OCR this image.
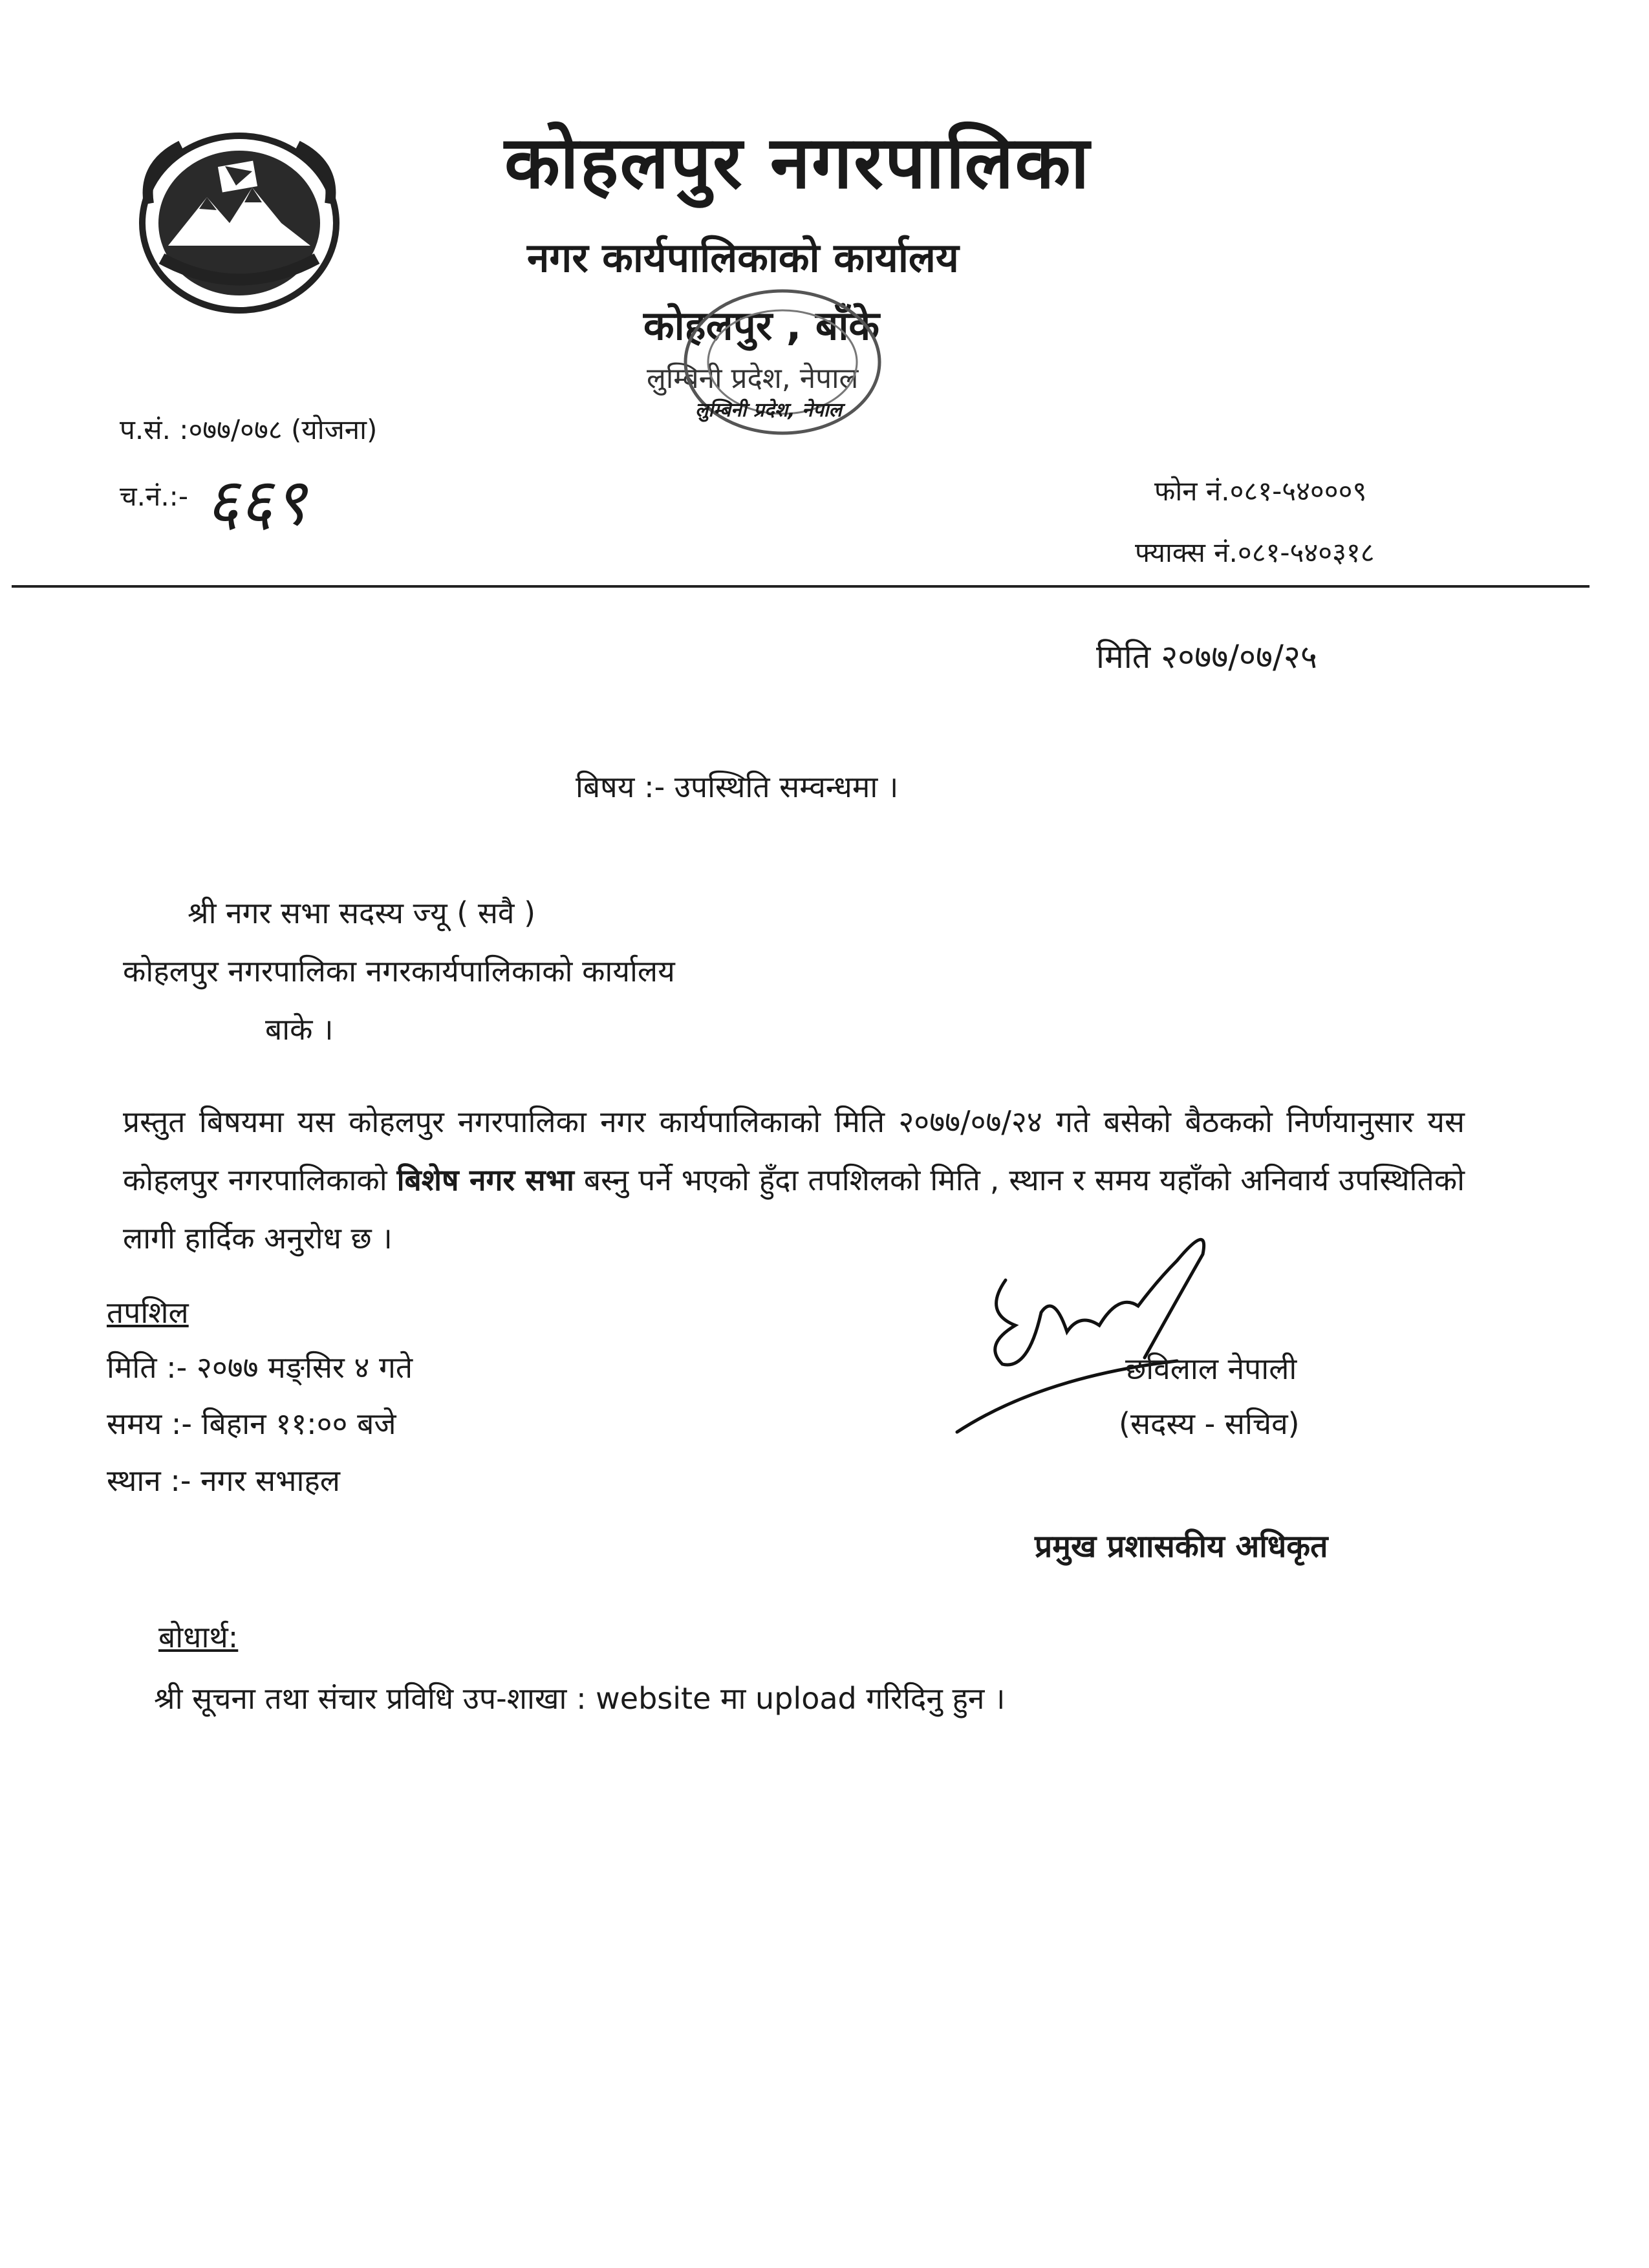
कोहलपुर नगरपालिका
नगर कार्यपालिकाको कार्यालय
कोहलपुर , बाँके
लुम्बिनी प्रदेश, नेपाल
लुम्बिनी प्रदेश, नेपाल
प.सं. :०७७/०७८ (योजना)
च.नं.:- ६६९	फोन नं.०८१-५४०००९
फ्याक्स नं.०८१-५४०३१८
मिति २०७७/०७/२५
बिषय :- उपस्थिति सम्वन्धमा ।
श्री नगर सभा सदस्य ज्यू ( सवै )
कोहलपुर नगरपालिका नगरकार्यपालिकाको कार्यालय
बाके ।
प्रस्तुत बिषयमा यस कोहलपुर नगरपालिका नगर कार्यपालिकाको मिति २०७७/०७/२४ गते बसेको बैठकको निर्णयानुसार यस कोहलपुर नगरपालिकाको बिशेष नगर सभा बस्नु पर्ने भएको हुँदा तपशिलको मिति , स्थान र समय यहाँको अनिवार्य उपस्थितिको लागी हार्दिक अनुरोध छ ।
तपशिल
मिति :- २०७७ मङ्सिर ४ गते
समय :- बिहान ११:०० बजे
स्थान :- नगर सभाहल
छविलाल नेपाली
(सदस्य - सचिव)
प्रमुख प्रशासकीय अधिकृत
बोधार्थ:
श्री सूचना तथा संचार प्रविधि उप-शाखा : website मा upload गरिदिनु हुन ।
